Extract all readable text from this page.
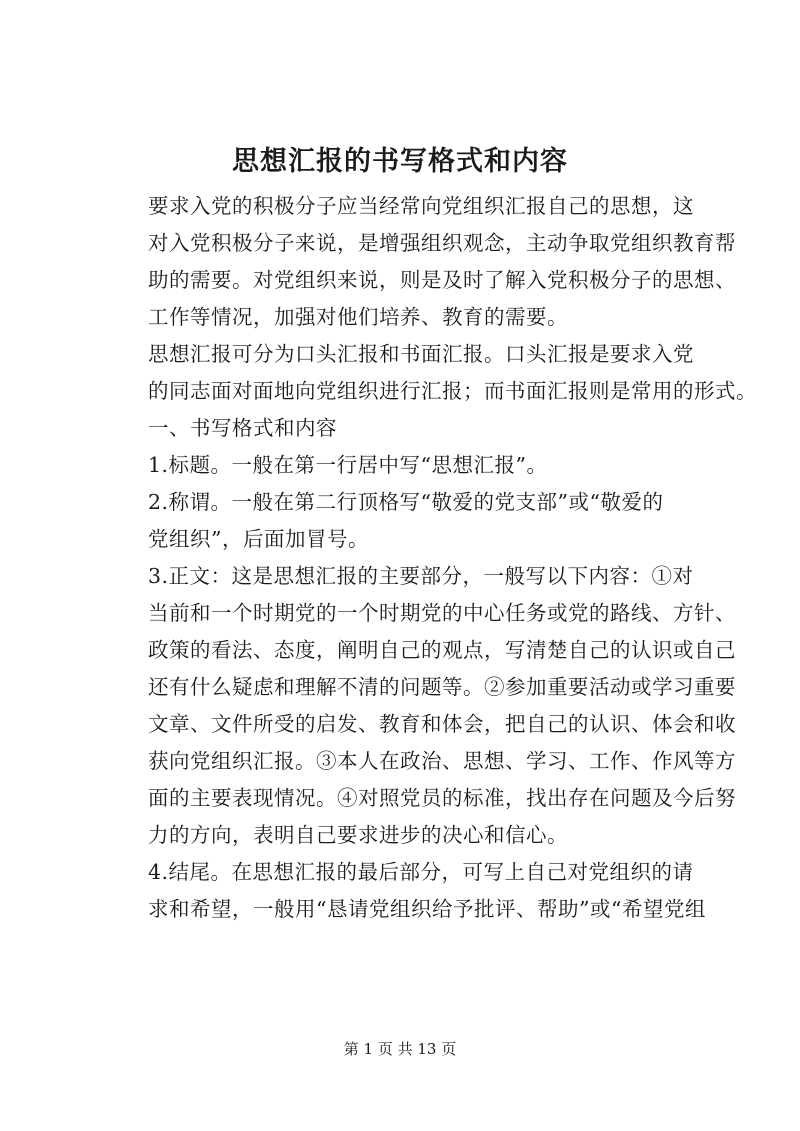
思想汇报的书写格式和内容

要求入党的积极分子应当经常向党组织汇报自己的思想，这
对入党积极分子来说，是增强组织观念，主动争取党组织教育帮
助的需要。对党组织来说，则是及时了解入党积极分子的思想、
工作等情况，加强对他们培养、教育的需要。

思想汇报可分为口头汇报和书面汇报。口头汇报是要求入党
的同志面对面地向党组织进行汇报；而书面汇报则是常用的形式。

一、书写格式和内容

1.标题。一般在第一行居中写“思想汇报”。

2.称谓。一般在第二行顶格写“敬爱的党支部”或“敬爱的
党组织”，后面加冒号。

3.正文：这是思想汇报的主要部分，一般写以下内容：①对
当前和一个时期党的一个时期党的中心任务或党的路线、方针、
政策的看法、态度，阐明自己的观点，写清楚自己的认识或自己
还有什么疑虑和理解不清的问题等。②参加重要活动或学习重要
文章、文件所受的启发、教育和体会，把自己的认识、体会和收
获向党组织汇报。③本人在政治、思想、学习、工作、作风等方
面的主要表现情况。④对照党员的标准，找出存在问题及今后努
力的方向，表明自己要求进步的决心和信心。

4.结尾。在思想汇报的最后部分，可写上自己对党组织的请
求和希望，一般用“恳请党组织给予批评、帮助”或“希望党组

第 1 页 共 13 页
